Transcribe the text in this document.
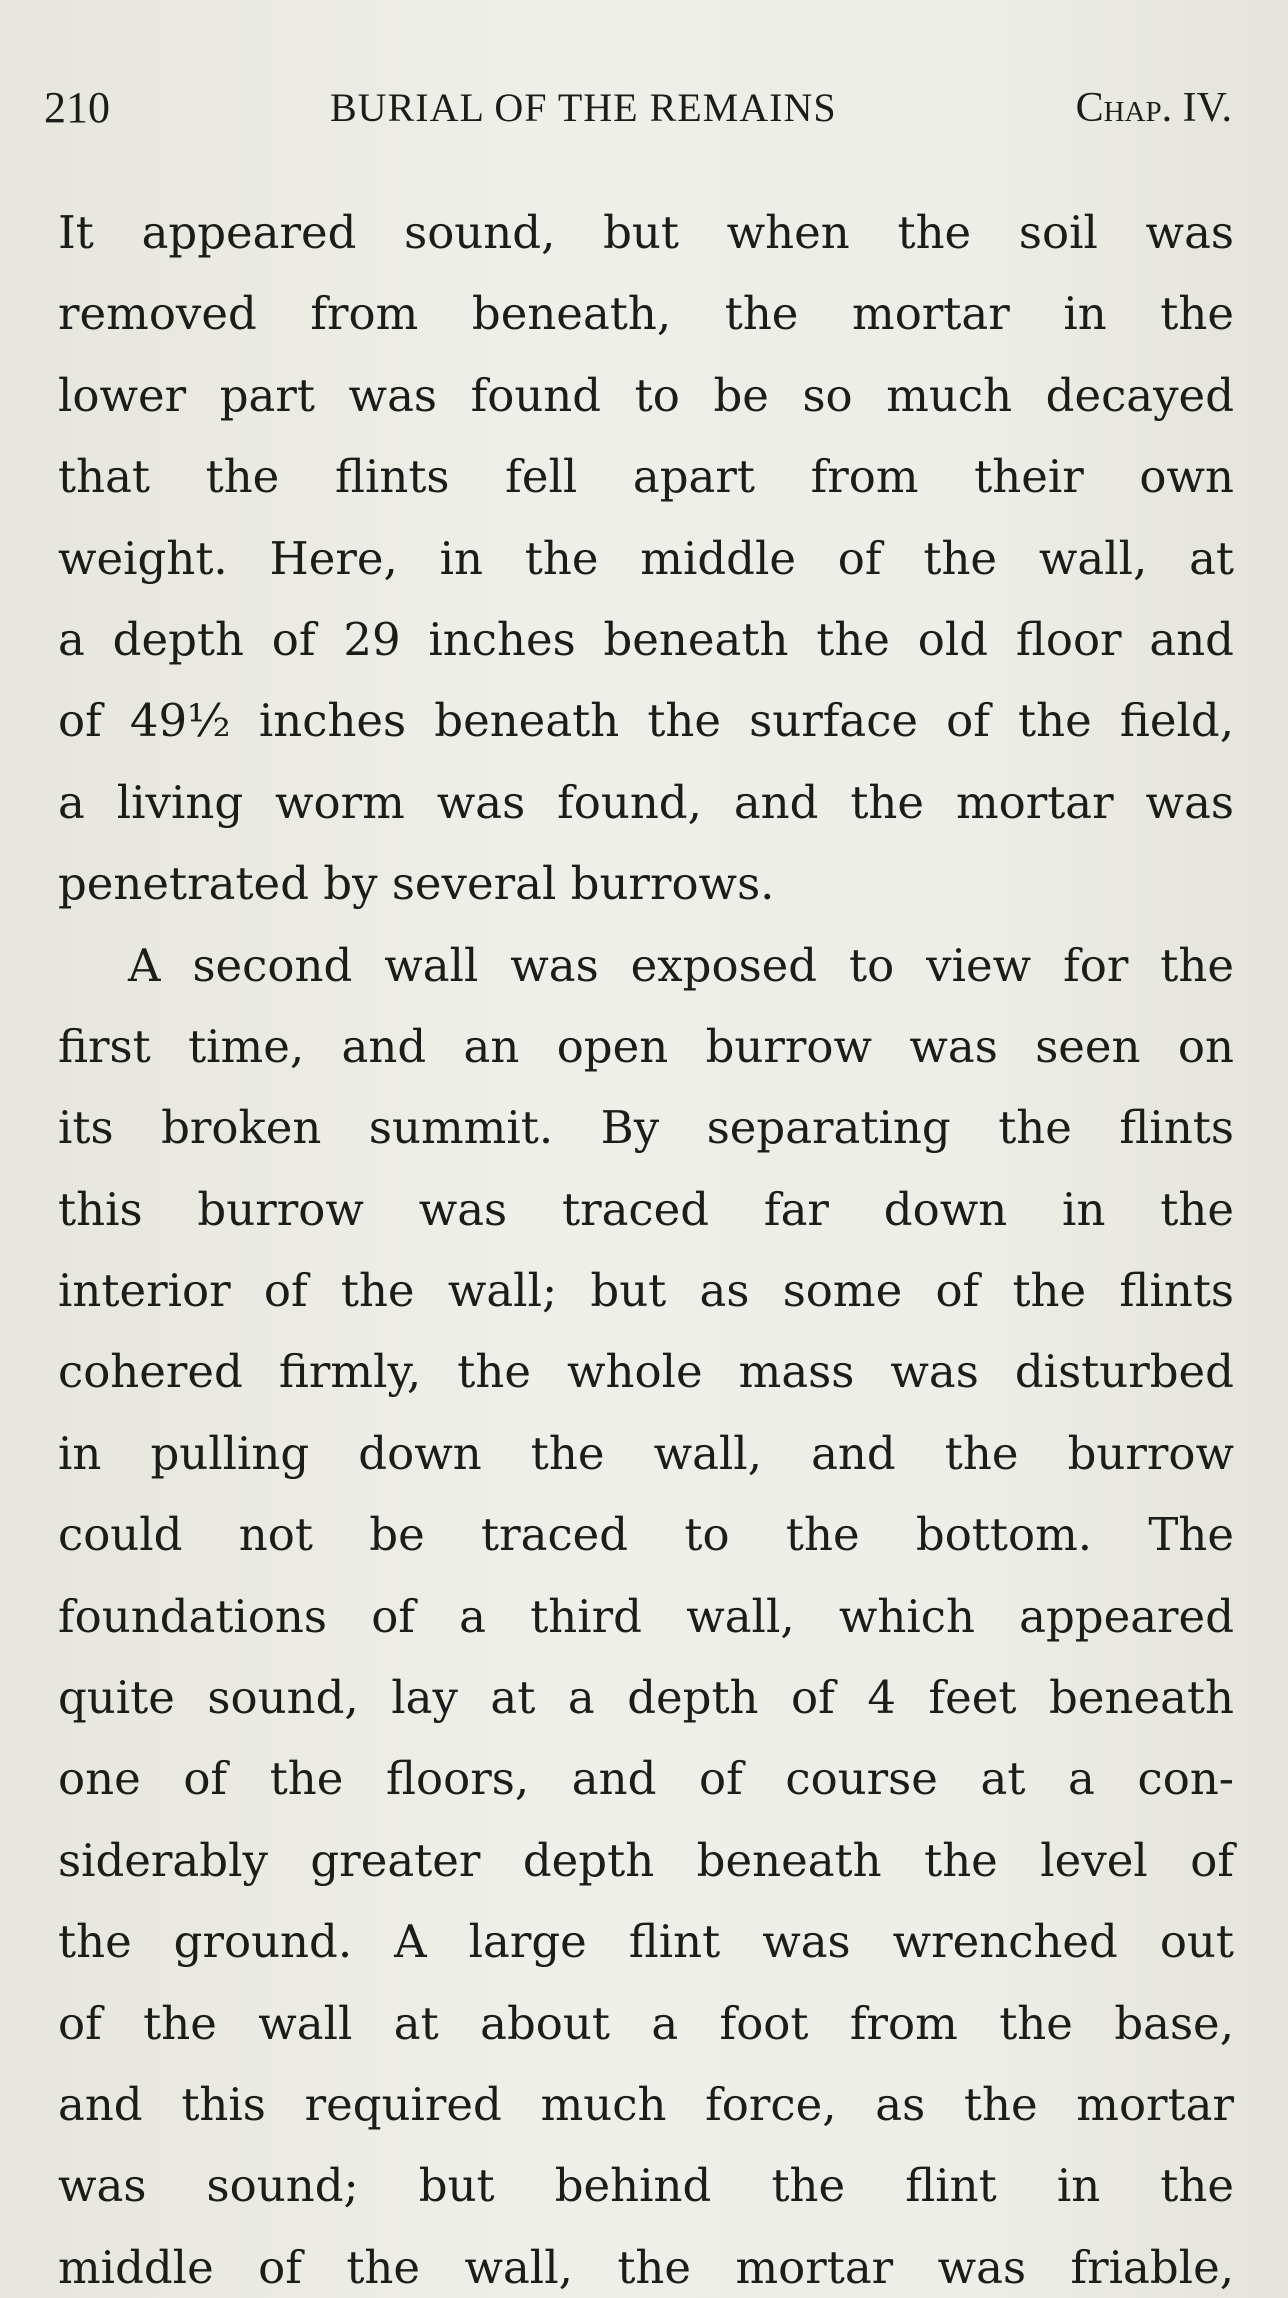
210	BURIAL OF THE REMAINS	Chap. IV.
It appeared sound, but when the soil was
removed from beneath, the mortar in the
lower part was found to be so much decayed
that the flints fell apart from their own
weight. Here, in the middle of the wall, at
a depth of 29 inches beneath the old floor and
of 49½ inches beneath the surface of the field,
a living worm was found, and the mortar was
penetrated by several burrows.
A second wall was exposed to view for the
first time, and an open burrow was seen on
its broken summit. By separating the flints
this burrow was traced far down in the
interior of the wall; but as some of the flints
cohered firmly, the whole mass was disturbed
in pulling down the wall, and the burrow
could not be traced to the bottom. The
foundations of a third wall, which appeared
quite sound, lay at a depth of 4 feet beneath
one of the floors, and of course at a con-
siderably greater depth beneath the level of
the ground. A large flint was wrenched out
of the wall at about a foot from the base,
and this required much force, as the mortar
was sound; but behind the flint in the
middle of the wall, the mortar was friable,
